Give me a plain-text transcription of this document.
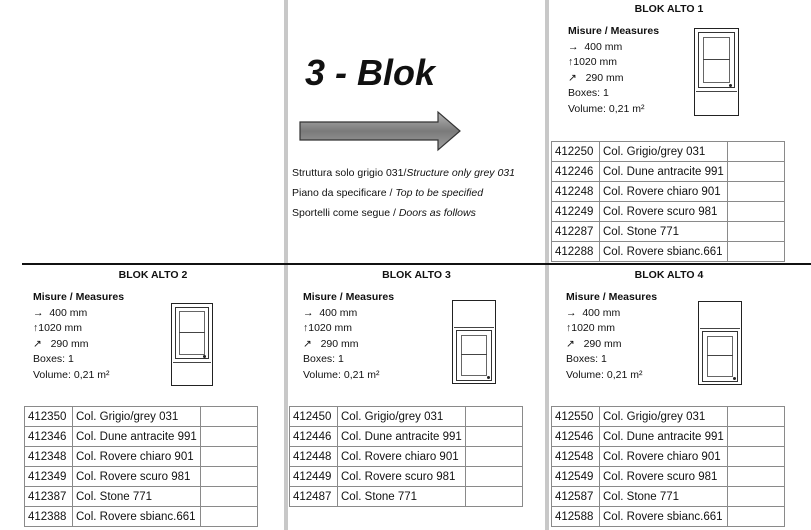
3 - Blok
Struttura solo grigio 031/Structure only grey 031
Piano da specificare / Top to be specified
Sportelli come segue / Doors as follows
BLOK ALTO 1
Misure / Measures
→ 400 mm
↑1020 mm
↗ 290 mm
Boxes: 1
Volume: 0,21 m²
412250	Col. Grigio/grey 031	
412246	Col. Dune antracite 991	
412248	Col. Rovere chiaro 901	
412249	Col. Rovere scuro 981	
412287	Col. Stone 771	
412288	Col. Rovere sbianc.661	
BLOK ALTO 2
Misure / Measures
→ 400 mm
↑1020 mm
↗ 290 mm
Boxes: 1
Volume: 0,21 m²
412350	Col. Grigio/grey 031	
412346	Col. Dune antracite 991	
412348	Col. Rovere chiaro 901	
412349	Col. Rovere scuro 981	
412387	Col. Stone 771	
412388	Col. Rovere sbianc.661	
BLOK ALTO 3
Misure / Measures
→ 400 mm
↑1020 mm
↗ 290 mm
Boxes: 1
Volume: 0,21 m²
412450	Col. Grigio/grey 031	
412446	Col. Dune antracite 991	
412448	Col. Rovere chiaro 901	
412449	Col. Rovere scuro 981	
412487	Col. Stone 771	
BLOK ALTO 4
Misure / Measures
→ 400 mm
↑1020 mm
↗ 290 mm
Boxes: 1
Volume: 0,21 m²
412550	Col. Grigio/grey 031	
412546	Col. Dune antracite 991	
412548	Col. Rovere chiaro 901	
412549	Col. Rovere scuro 981	
412587	Col. Stone 771	
412588	Col. Rovere sbianc.661	
